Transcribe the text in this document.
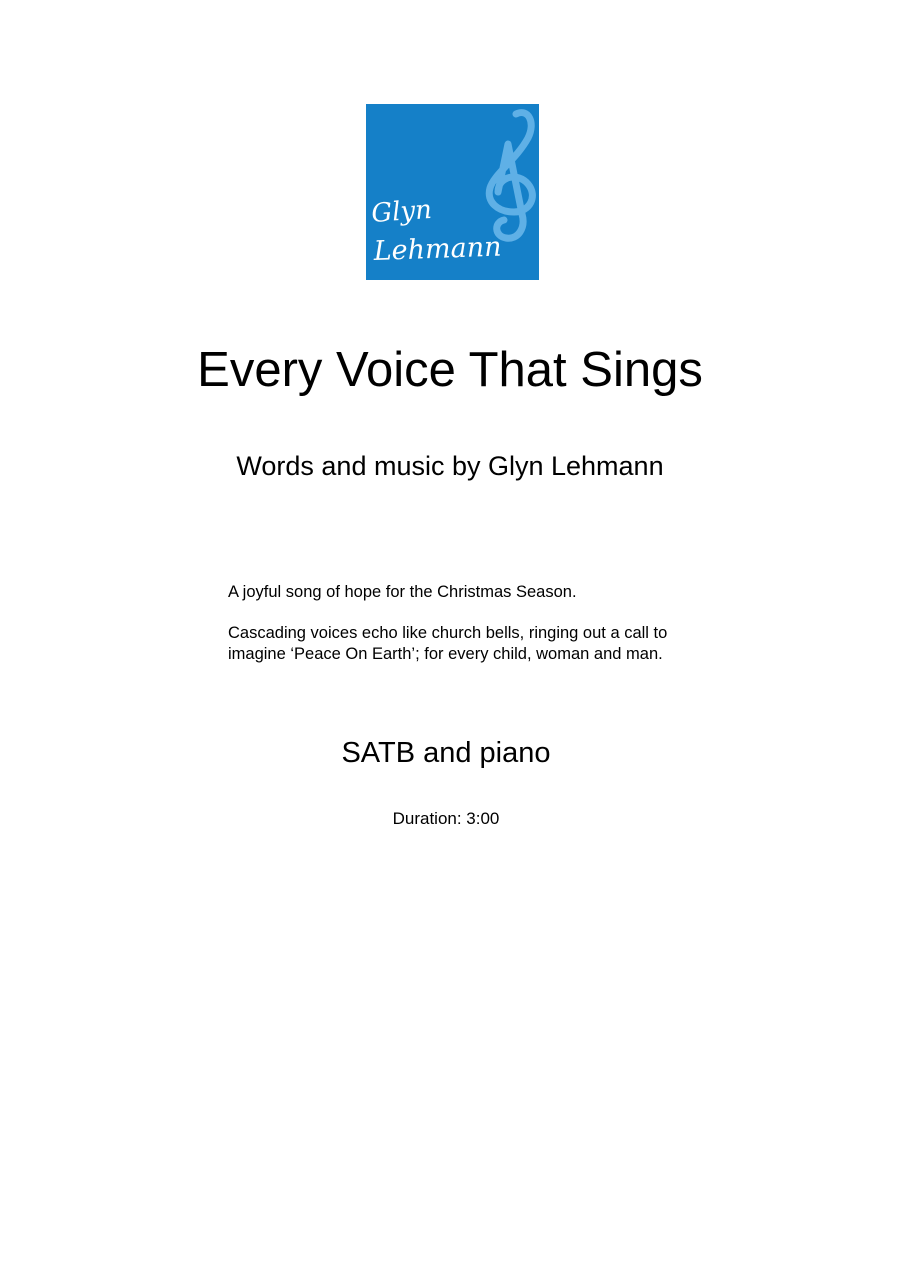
Glyn
Lehmann
Every Voice That Sings
Words and music by Glyn Lehmann

A joyful song of hope for the Christmas Season.

Cascading voices echo like church bells, ringing out a call to
imagine ‘Peace On Earth’; for every child, woman and man.

SATB and piano
Duration: 3:00
